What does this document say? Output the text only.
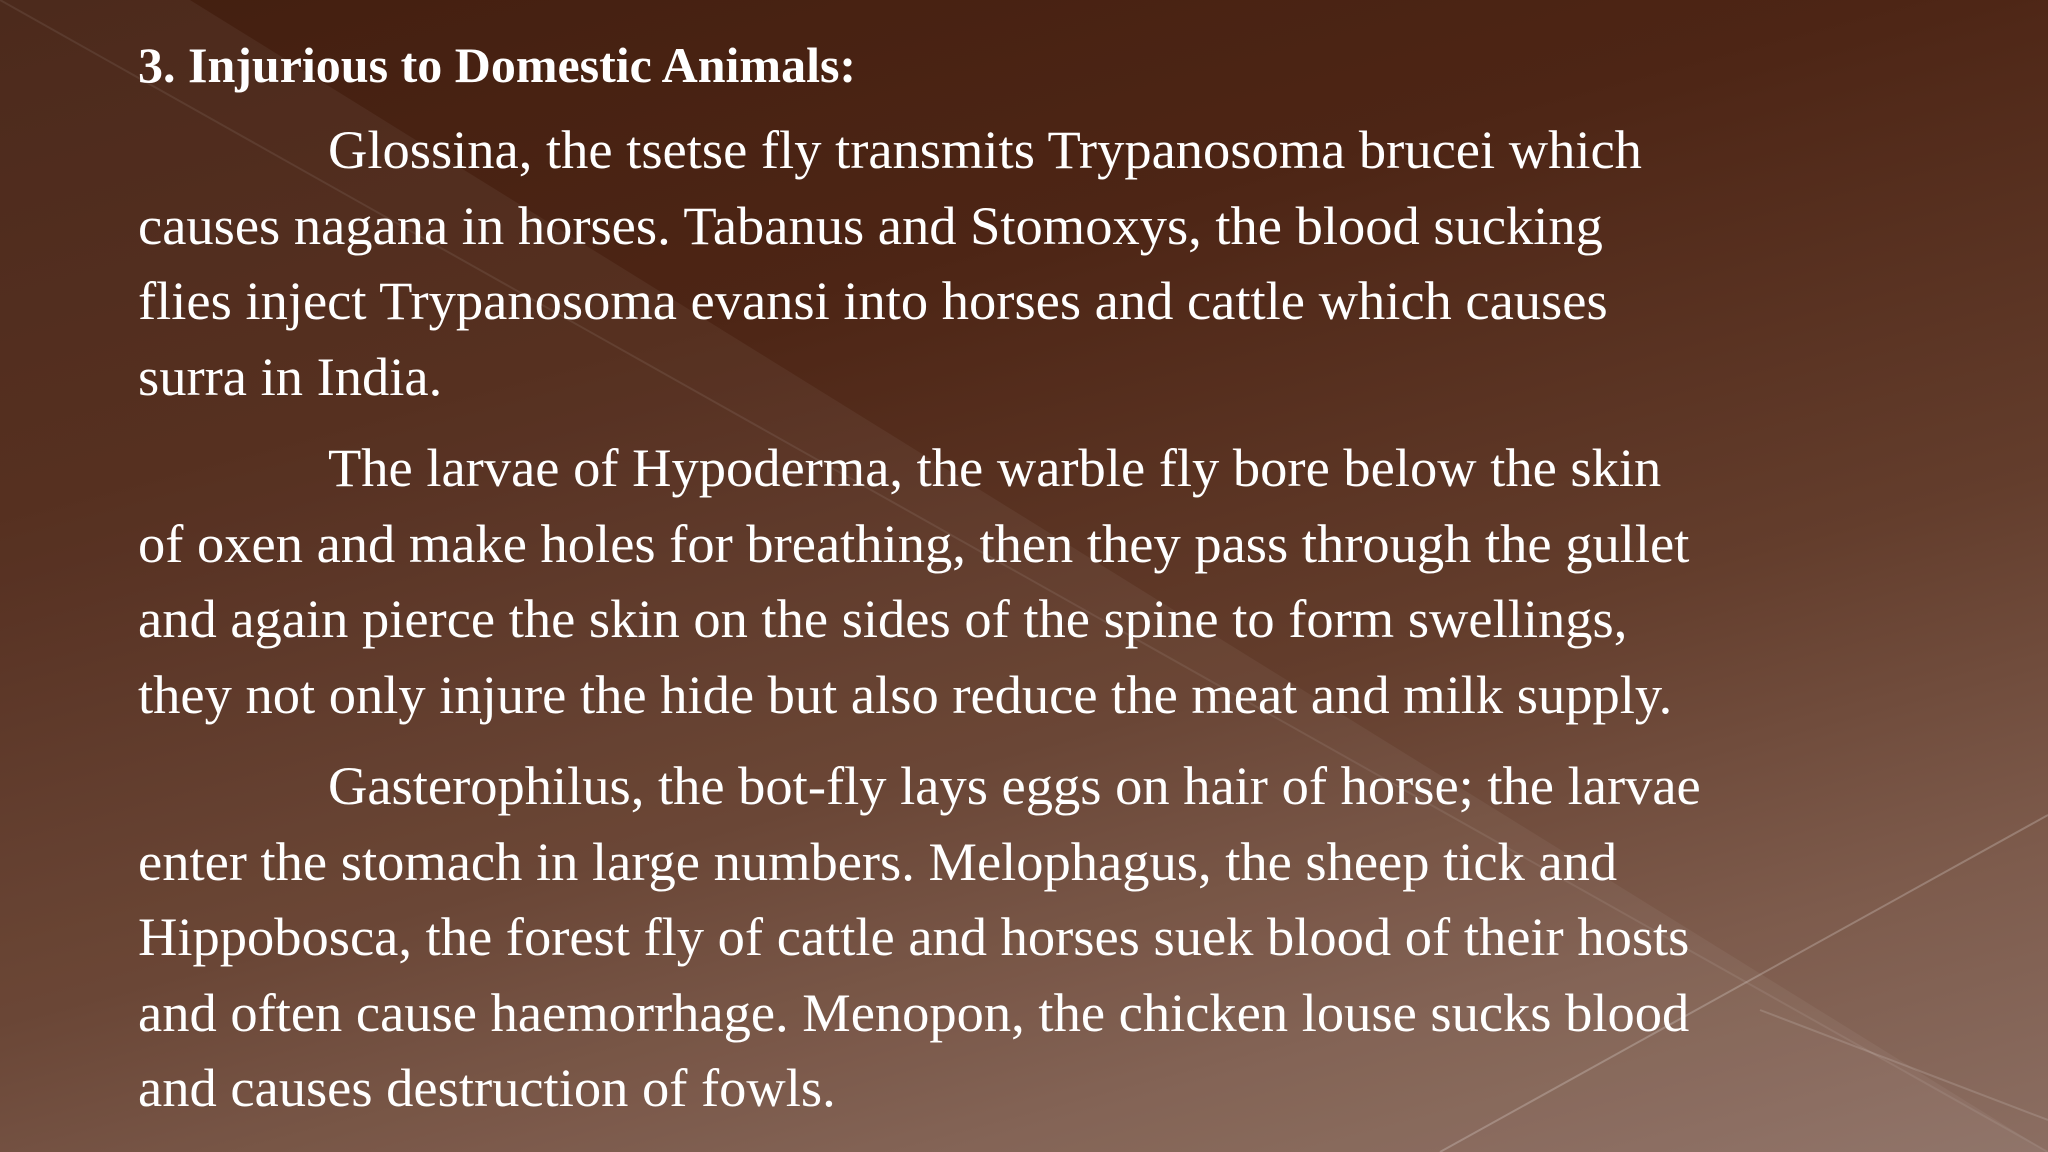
3. Injurious to Domestic Animals:

Glossina, the tsetse fly transmits Trypanosoma brucei which
causes nagana in horses. Tabanus and Stomoxys, the blood sucking
flies inject Trypanosoma evansi into horses and cattle which causes
surra in India.

The larvae of Hypoderma, the warble fly bore below the skin
of oxen and make holes for breathing, then they pass through the gullet
and again pierce the skin on the sides of the spine to form swellings,
they not only injure the hide but also reduce the meat and milk supply.

Gasterophilus, the bot-fly lays eggs on hair of horse; the larvae
enter the stomach in large numbers. Melophagus, the sheep tick and
Hippobosca, the forest fly of cattle and horses suek blood of their hosts
and often cause haemorrhage. Menopon, the chicken louse sucks blood
and causes destruction of fowls.
